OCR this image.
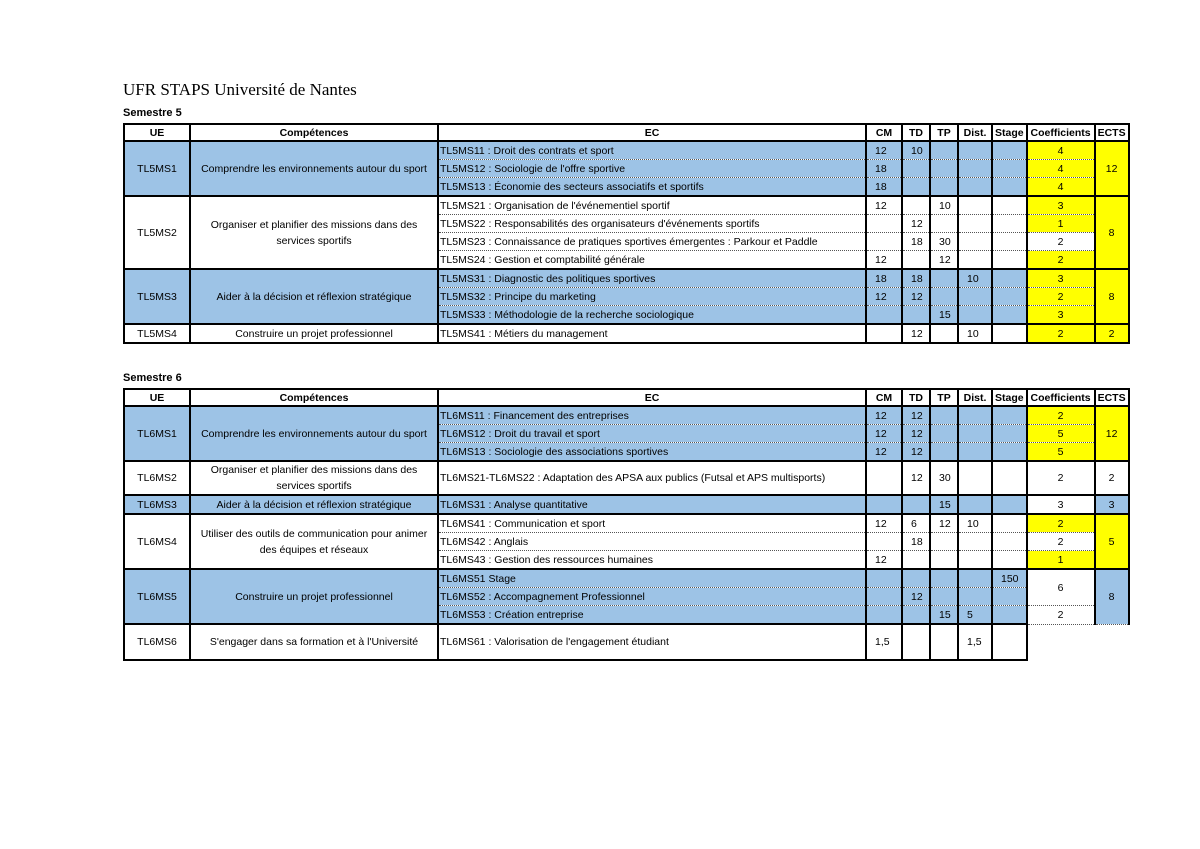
UFR STAPS Université de Nantes
Semestre 5
UE	Compétences	EC	CM	TD	TP	Dist.	Stage	Coefficients	ECTS
TL5MS1	Comprendre les environnements autour du sport	TL5MS11 : Droit des contrats et sport	12	10				4	12
		TL5MS12 : Sociologie de l'offre sportive	18					4	
		TL5MS13 : Économie des secteurs associatifs et sportifs	18					4	
TL5MS2	Organiser et planifier des missions dans des services sportifs	TL5MS21 : Organisation de l'événementiel sportif	12		10			3	8
		TL5MS22 : Responsabilités des organisateurs d'événements sportifs		12				1	
		TL5MS23 : Connaissance de pratiques sportives émergentes : Parkour et Paddle		18	30			2	
		TL5MS24 : Gestion et comptabilité générale	12		12			2	
TL5MS3	Aider à la décision et réflexion stratégique	TL5MS31 : Diagnostic des politiques sportives	18	18		10		3	8
		TL5MS32 : Principe du marketing	12	12				2	
		TL5MS33 : Méthodologie de la recherche sociologique			15			3	
TL5MS4	Construire un projet professionnel	TL5MS41 : Métiers du management		12		10		2	2
Semestre 6
UE	Compétences	EC	CM	TD	TP	Dist.	Stage	Coefficients	ECTS
TL6MS1	Comprendre les environnements autour du sport	TL6MS11 : Financement des entreprises	12	12				2	12
		TL6MS12 : Droit du travail et sport	12	12				5	
		TL6MS13 : Sociologie des associations sportives	12	12				5	
TL6MS2	Organiser et planifier des missions dans des services sportifs	TL6MS21-TL6MS22 : Adaptation des APSA aux publics (Futsal et APS multisports)		12	30			2	2
TL6MS3	Aider à la décision et réflexion stratégique	TL6MS31 : Analyse quantitative			15			3	3
TL6MS4	Utiliser des outils de communication pour animer des équipes et réseaux	TL6MS41 : Communication et sport	12	6	12	10		2	5
		TL6MS42 : Anglais		18				2	
		TL6MS43 : Gestion des ressources humaines	12					1	
TL6MS5	Construire un projet professionnel	TL6MS51 Stage					150	6	8
		TL6MS52 : Accompagnement Professionnel		12					
		TL6MS53 : Création entreprise			15	5		2	
TL6MS6	S'engager dans sa formation et à l'Université	TL6MS61 : Valorisation de l'engagement étudiant	1,5			1,5			
